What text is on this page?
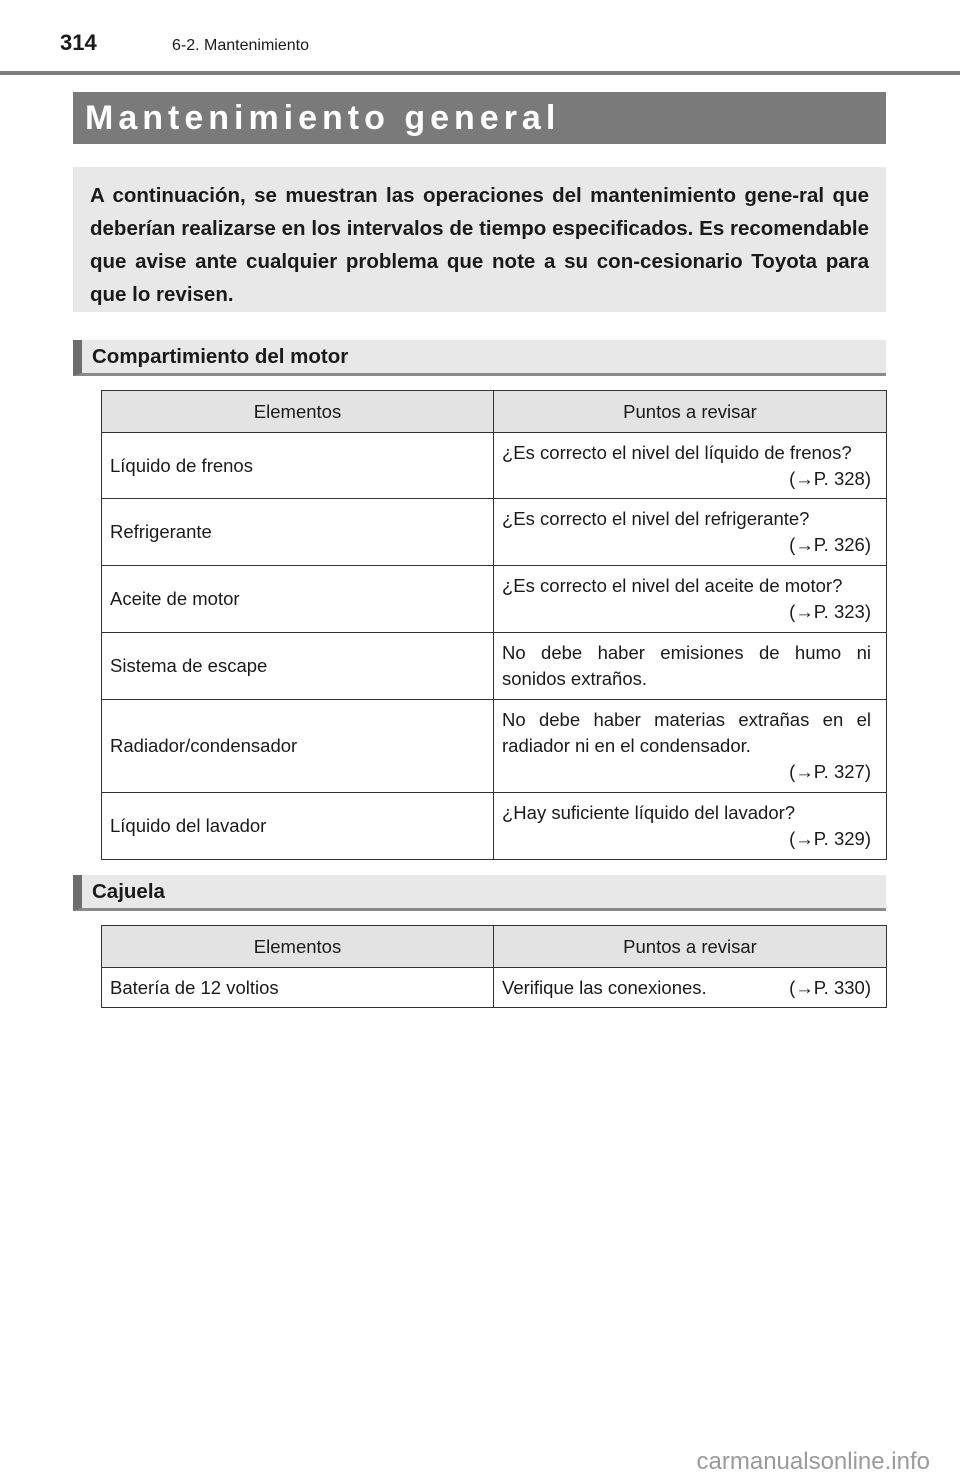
314	6-2. Mantenimiento
Mantenimiento general

A continuación, se muestran las operaciones del mantenimiento gene-ral que deberían realizarse en los intervalos de tiempo especificados. Es recomendable que avise ante cualquier problema que note a su con-cesionario Toyota para que lo revisen.

Compartimiento del motor
Elementos	Puntos a revisar
Líquido de frenos	¿Es correcto el nivel del líquido de frenos?
(→P. 328)

Refrigerante	¿Es correcto el nivel del refrigerante?
(→P. 326)

Aceite de motor	¿Es correcto el nivel del aceite de motor?
(→P. 323)

Sistema de escape	No debe haber emisiones de humo ni sonidos extraños.
Radiador/condensador	No debe haber materias extrañas en el radiador ni en el condensador.
(→P. 327)

Líquido del lavador	¿Hay suficiente líquido del lavador?
(→P. 329)
Cajuela
Elementos	Puntos a revisar
Batería de 12 voltios	Verifique las conexiones. (→P. 330)
carmanualsonline.info
